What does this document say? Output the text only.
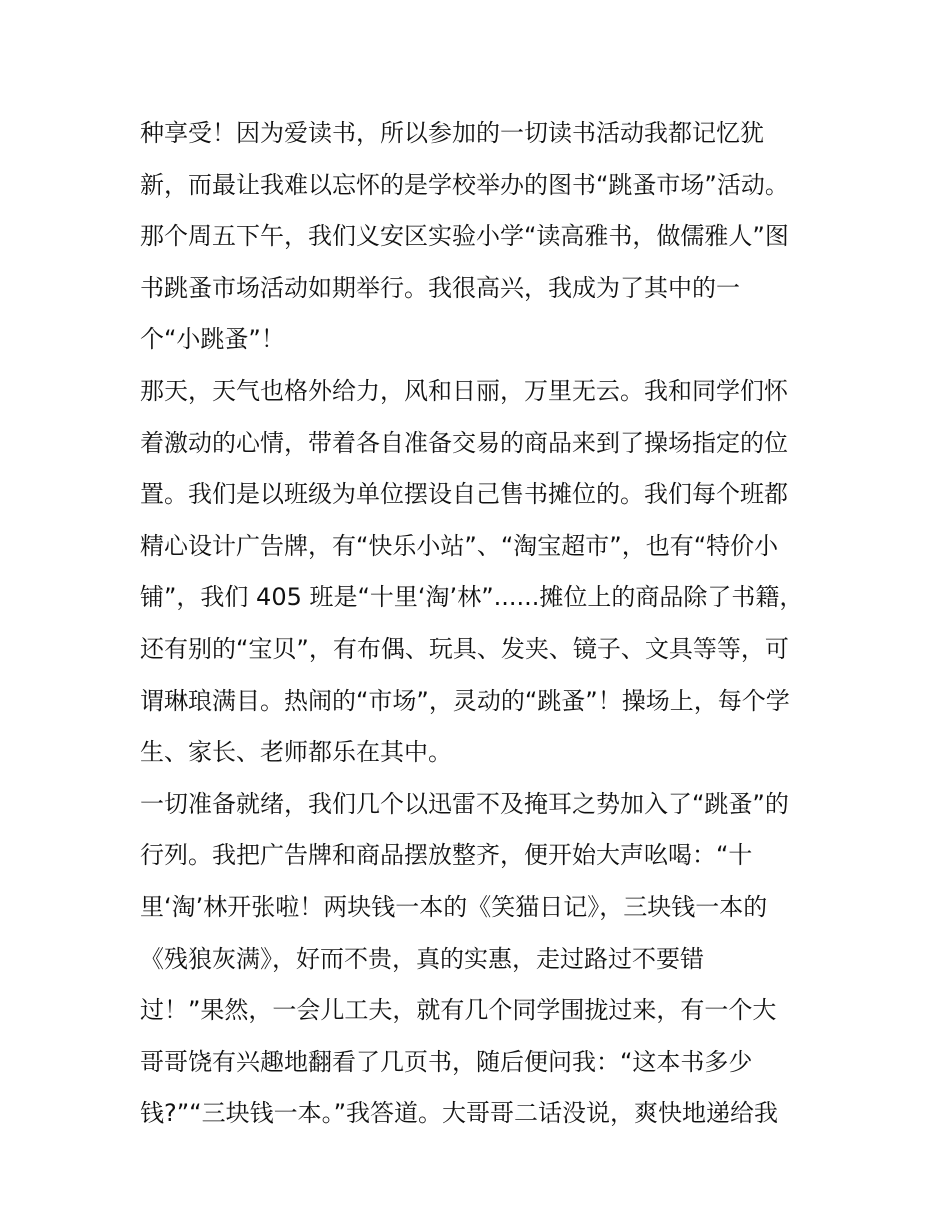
种享受！因为爱读书，所以参加的一切读书活动我都记忆犹
新，而最让我难以忘怀的是学校举办的图书“跳蚤市场”活动。
那个周五下午，我们义安区实验小学“读高雅书，做儒雅人”图
书跳蚤市场活动如期举行。我很高兴，我成为了其中的一
个“小跳蚤”！
那天，天气也格外给力，风和日丽，万里无云。我和同学们怀
着激动的心情，带着各自准备交易的商品来到了操场指定的位
置。我们是以班级为单位摆设自己售书摊位的。我们每个班都
精心设计广告牌，有“快乐小站”、“淘宝超市”，也有“特价小
铺”，我们 405 班是“十里‘淘’林”......摊位上的商品除了书籍，
还有别的“宝贝”，有布偶、玩具、发夹、镜子、文具等等，可
谓琳琅满目。热闹的“市场”，灵动的“跳蚤”！操场上，每个学
生、家长、老师都乐在其中。
一切准备就绪，我们几个以迅雷不及掩耳之势加入了“跳蚤”的
行列。我把广告牌和商品摆放整齐，便开始大声吆喝：“十
里‘淘’林开张啦！两块钱一本的《笑猫日记》，三块钱一本的
《残狼灰满》，好而不贵，真的实惠，走过路过不要错
过！”果然，一会儿工夫，就有几个同学围拢过来，有一个大
哥哥饶有兴趣地翻看了几页书，随后便问我：“这本书多少
钱?”“三块钱一本。”我答道。大哥哥二话没说，爽快地递给我
